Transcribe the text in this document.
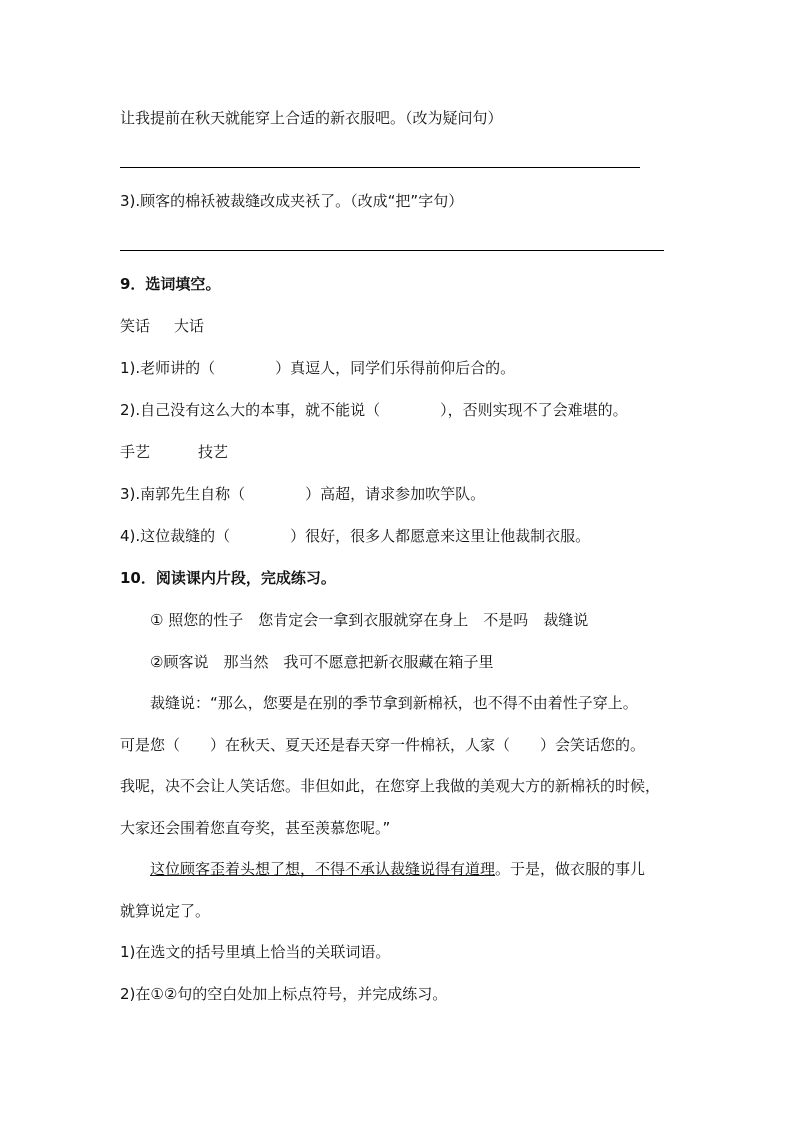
让我提前在秋天就能穿上合适的新衣服吧。（改为疑问句）
3).顾客的棉袄被裁缝改成夹袄了。（改成“把”字句）
9．选词填空。
笑话 大话
1).老师讲的（　　　　）真逗人，同学们乐得前仰后合的。
2).自己没有这么大的本事，就不能说（　　　　），否则实现不了会难堪的。
手艺	技艺
3).南郭先生自称（　　　　）高超，请求参加吹竽队。
4).这位裁缝的（　　　　）很好，很多人都愿意来这里让他裁制衣服。
10．阅读课内片段，完成练习。
① 照您的性子　您肯定会一拿到衣服就穿在身上　不是吗　裁缝说
②顾客说　那当然　我可不愿意把新衣服藏在箱子里
裁缝说：“那么，您要是在别的季节拿到新棉袄，也不得不由着性子穿上。
可是您（　　）在秋天、夏天还是春天穿一件棉袄，人家（　　）会笑话您的。
我呢，决不会让人笑话您。非但如此，在您穿上我做的美观大方的新棉袄的时候，
大家还会围着您直夸奖，甚至羡慕您呢。”
这位顾客歪着头想了想，不得不承认裁缝说得有道理。于是，做衣服的事儿
就算说定了。
1)在选文的括号里填上恰当的关联词语。
2)在①②句的空白处加上标点符号，并完成练习。
